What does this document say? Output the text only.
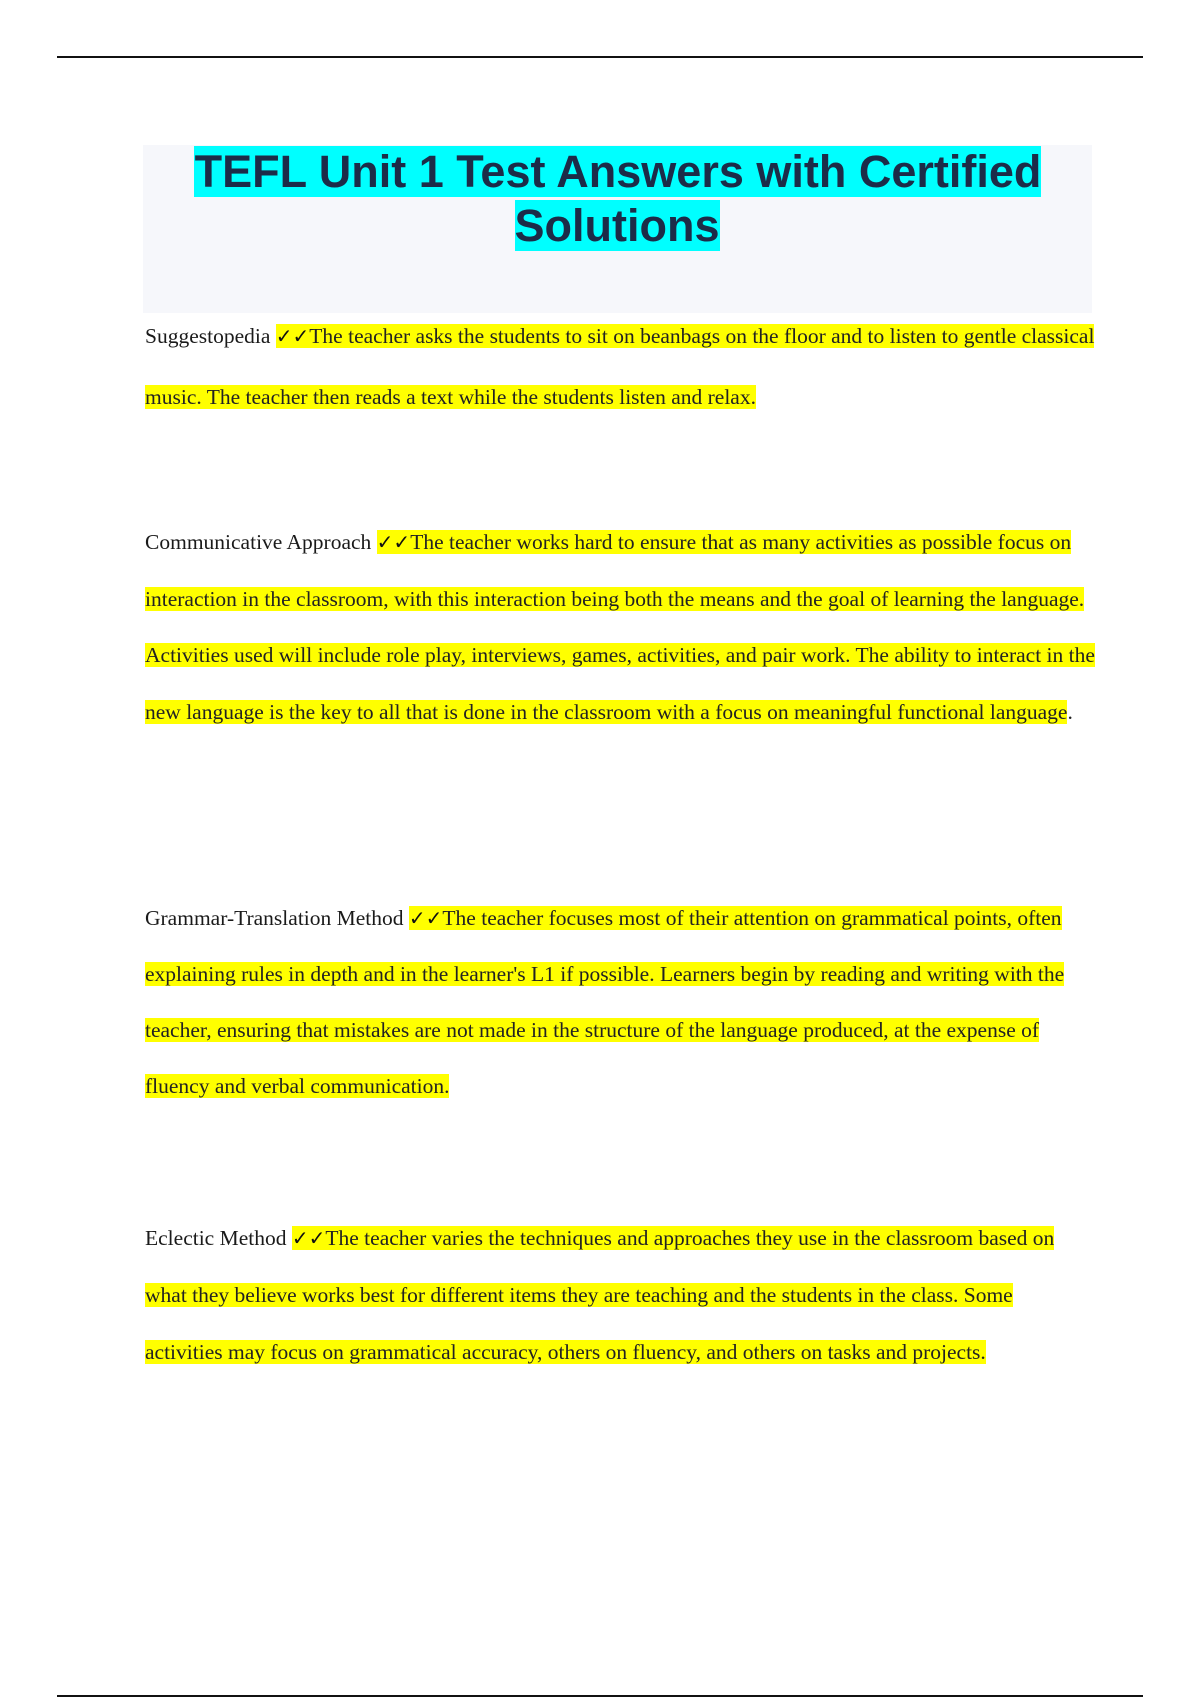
TEFL Unit 1 Test Answers with Certified Solutions

Suggestopedia ✓✓The teacher asks the students to sit on beanbags on the floor and to listen to gentle classical music. The teacher then reads a text while the students listen and relax.

Communicative Approach ✓✓The teacher works hard to ensure that as many activities as possible focus on interaction in the classroom, with this interaction being both the means and the goal of learning the language. Activities used will include role play, interviews, games, activities, and pair work. The ability to interact in the new language is the key to all that is done in the classroom with a focus on meaningful functional language.

Grammar-Translation Method ✓✓The teacher focuses most of their attention on grammatical points, often explaining rules in depth and in the learner's L1 if possible. Learners begin by reading and writing with the teacher, ensuring that mistakes are not made in the structure of the language produced, at the expense of fluency and verbal communication.

Eclectic Method ✓✓The teacher varies the techniques and approaches they use in the classroom based on what they believe works best for different items they are teaching and the students in the class. Some activities may focus on grammatical accuracy, others on fluency, and others on tasks and projects.
